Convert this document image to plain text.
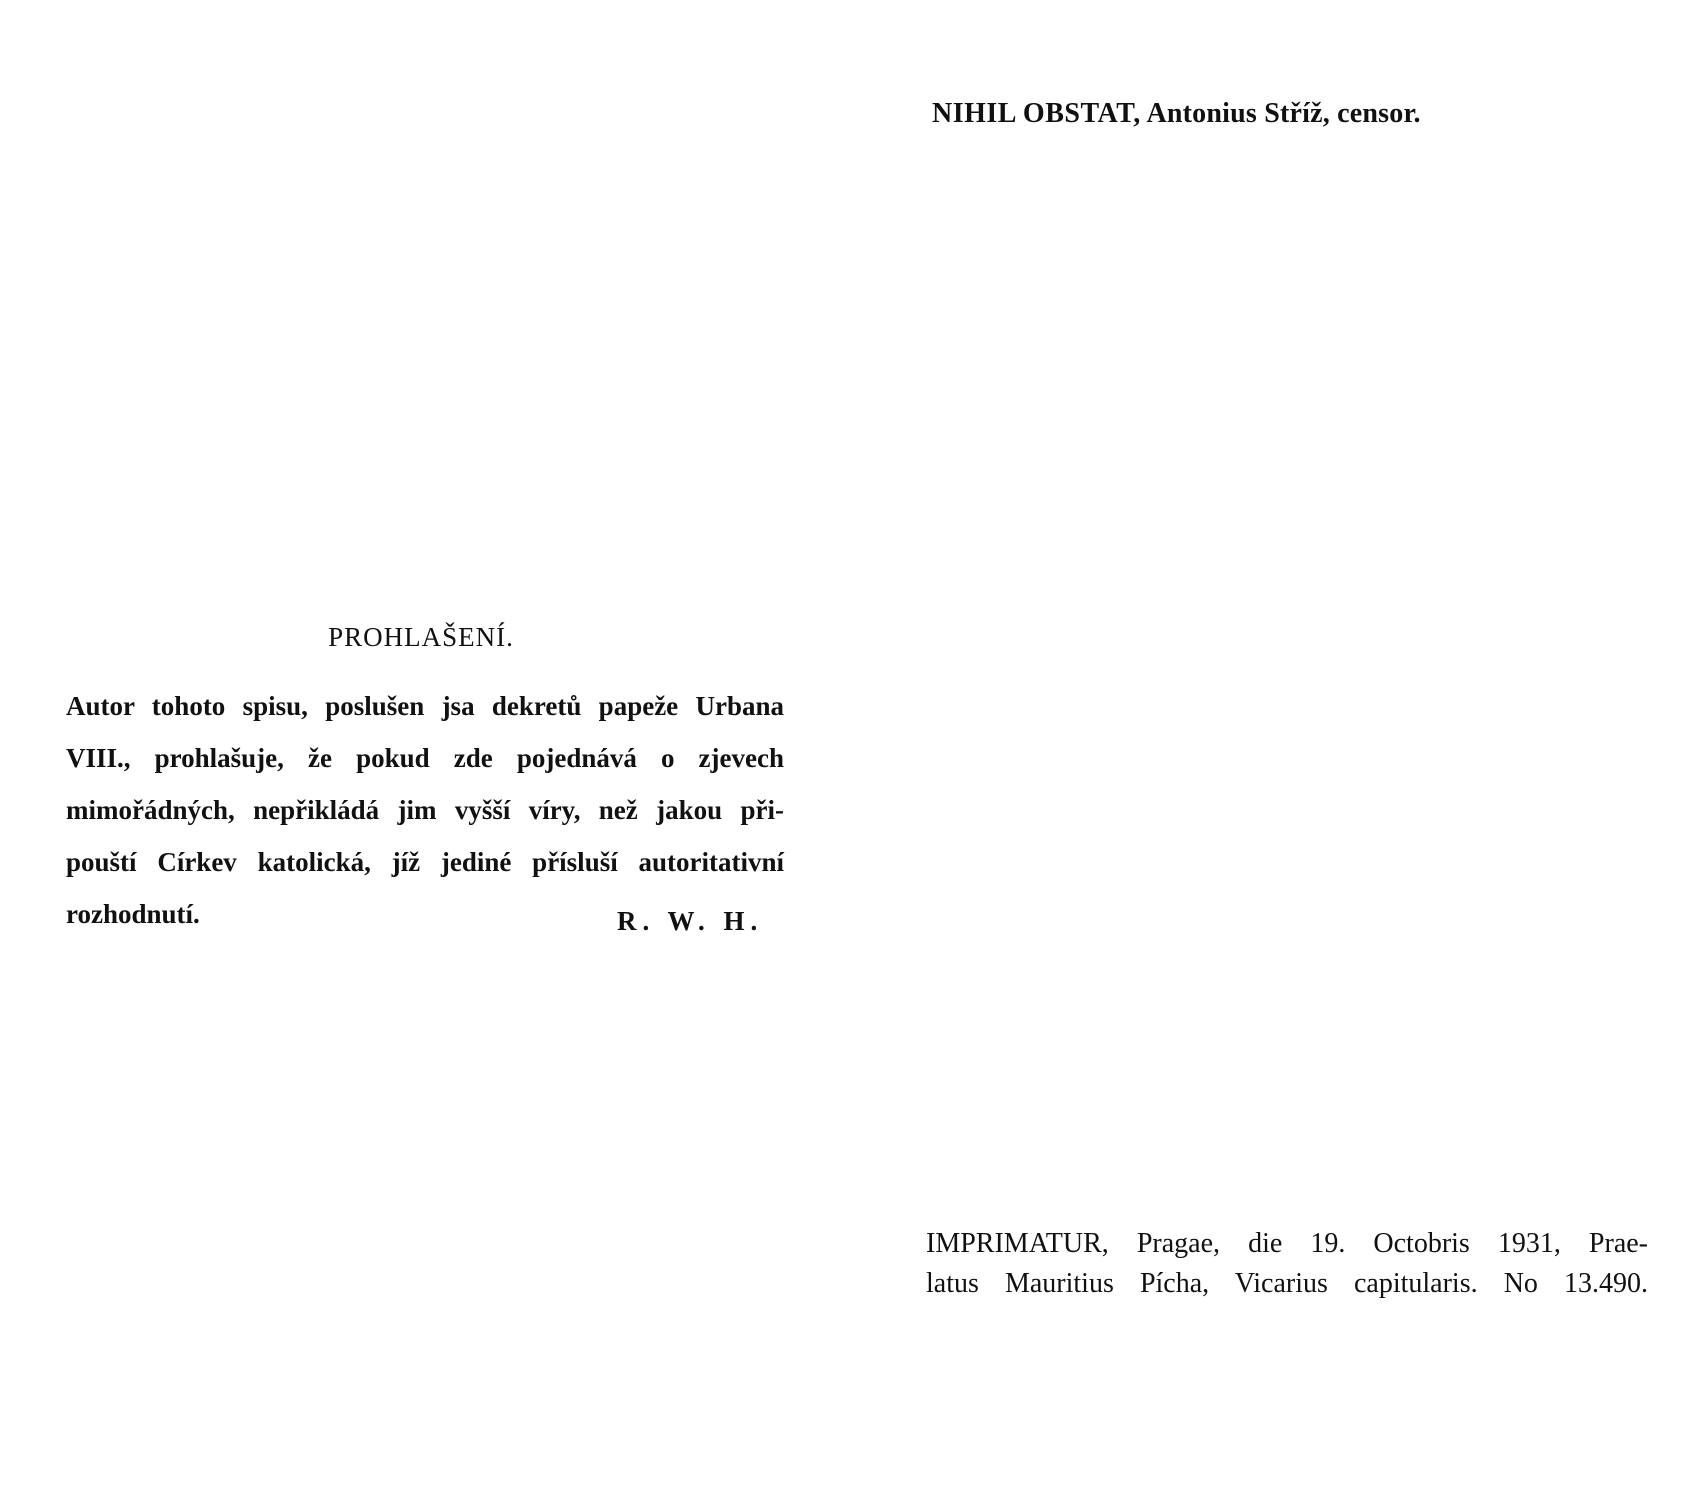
PROHLAŠENÍ.
Autor tohoto spisu, poslušen jsa dekretů papeže Urbana
VIII., prohlašuje, že pokud zde pojednává o zjevech
mimořádných, nepřikládá jim vyšší víry, než jakou při-
pouští Církev katolická, jíž jediné přísluší autoritativní
rozhodnutí.	R. W. H.
NIHIL OBSTAT, Antonius Stříž, censor.
IMPRIMATUR, Pragae, die 19. Octobris 1931, Prae-
latus Mauritius Pícha, Vicarius capitularis. No 13.490.
